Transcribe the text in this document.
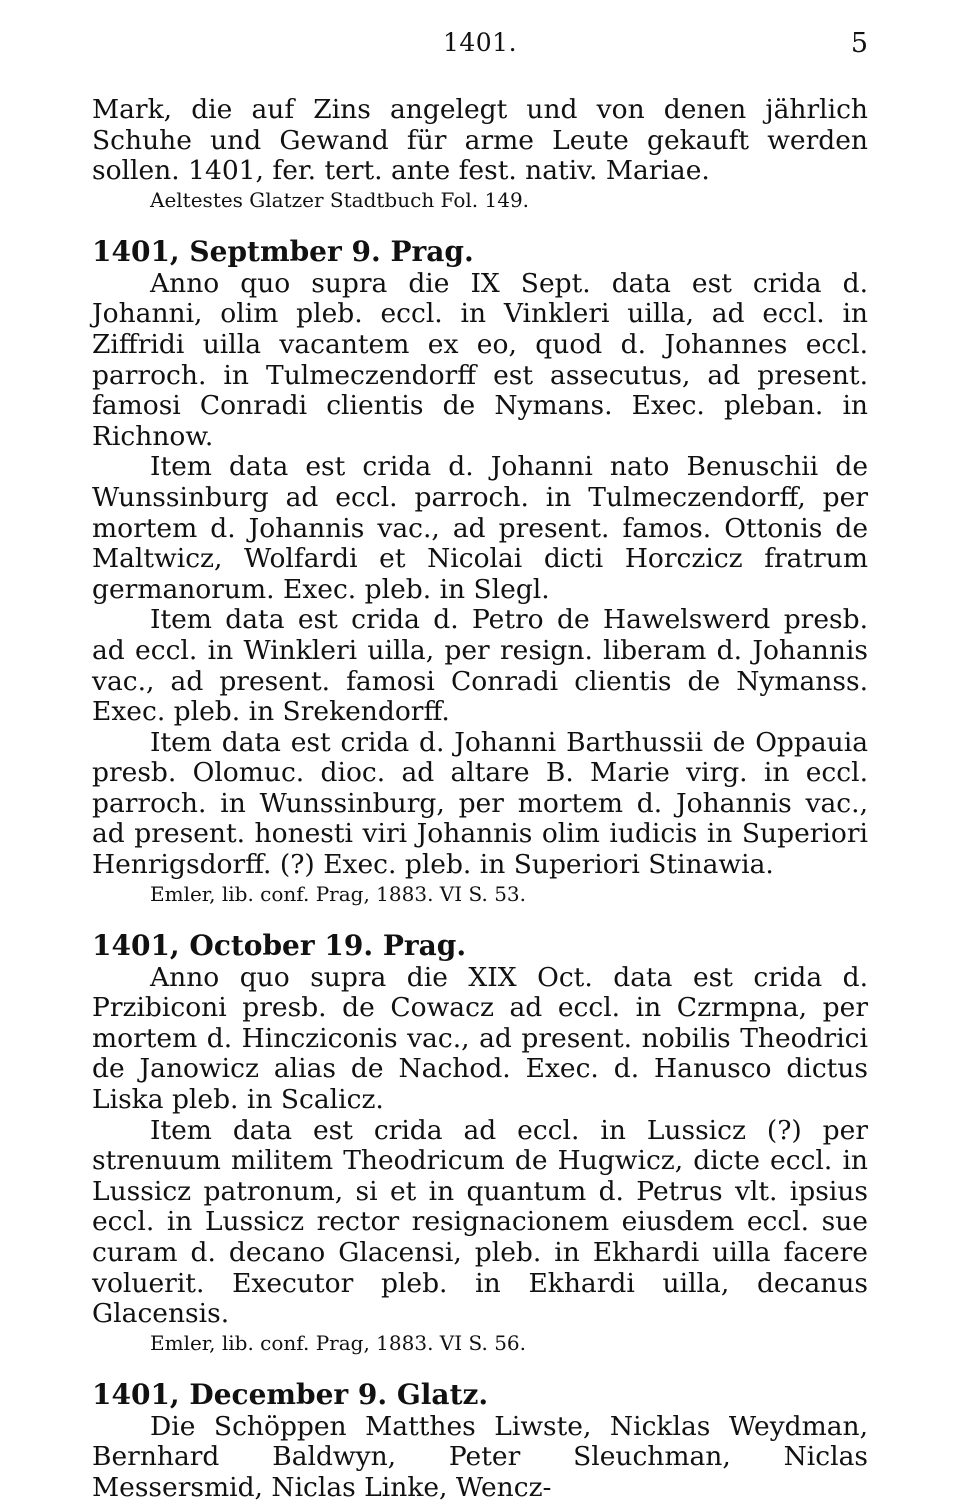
1401.	5

Mark, die auf Zins angelegt und von denen jährlich Schuhe und Gewand für arme Leute gekauft werden sollen. 1401, fer. tert. ante fest. nativ. Mariae.

Aeltestes Glatzer Stadtbuch Fol. 149.

1401, Septmber 9. Prag.

Anno quo supra die IX Sept. data est crida d. Johanni, olim pleb. eccl. in Vinkleri uilla, ad eccl. in Ziffridi uilla vacantem ex eo, quod d. Johannes eccl. parroch. in Tulmeczendorff est assecutus, ad present. famosi Conradi clientis de Nymans. Exec. pleban. in Richnow.

Item data est crida d. Johanni nato Benuschii de Wunssinburg ad eccl. parroch. in Tulmeczendorff, per mortem d. Johannis vac., ad present. famos. Ottonis de Maltwicz, Wolfardi et Nicolai dicti Horczicz fratrum germanorum. Exec. pleb. in Slegl.

Item data est crida d. Petro de Hawelswerd presb. ad eccl. in Winkleri uilla, per resign. liberam d. Johannis vac., ad present. famosi Conradi clientis de Nymanss. Exec. pleb. in Srekendorff.

Item data est crida d. Johanni Barthussii de Oppauia presb. Olomuc. dioc. ad altare B. Marie virg. in eccl. parroch. in Wunssinburg, per mortem d. Johannis vac., ad present. honesti viri Johannis olim iudicis in Superiori Henrigsdorff. (?) Exec. pleb. in Superiori Stinawia.

Emler, lib. conf. Prag, 1883. VI S. 53.

1401, October 19. Prag.

Anno quo supra die XIX Oct. data est crida d. Przibiconi presb. de Cowacz ad eccl. in Czrmpna, per mortem d. Hincziconis vac., ad present. nobilis Theodrici de Janowicz alias de Nachod. Exec. d. Hanusco dictus Liska pleb. in Scalicz.

Item data est crida ad eccl. in Lussicz (?) per strenuum militem Theodricum de Hugwicz, dicte eccl. in Lussicz patronum, si et in quantum d. Petrus vlt. ipsius eccl. in Lussicz rector resignacionem eiusdem eccl. sue curam d. decano Glacensi, pleb. in Ekhardi uilla facere voluerit. Executor pleb. in Ekhardi uilla, decanus Glacensis.

Emler, lib. conf. Prag, 1883. VI S. 56.

1401, December 9. Glatz.

Die Schöppen Matthes Liwste, Nicklas Weydman, Bernhard Baldwyn, Peter Sleuchman, Niclas Messersmid, Niclas Linke, Wencz-
